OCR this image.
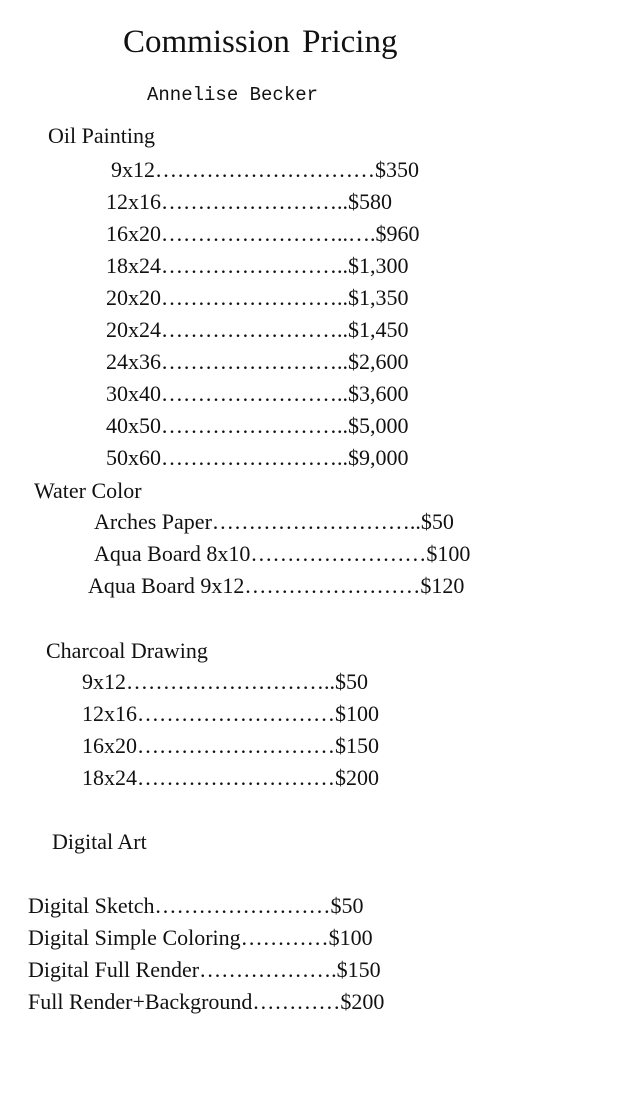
Commission Pricing
Annelise Becker
Oil Painting
9x12…………………………$350
12x16……………………..$580
16x20……………………..….$960
18x24……………………..$1,300
20x20……………………..$1,350
20x24……………………..$1,450
24x36……………………..$2,600
30x40……………………..$3,600
40x50……………………..$5,000
50x60……………………..$9,000
Water Color
Arches Paper………………………..$50
Aqua Board 8x10……………………$100
Aqua Board 9x12……………………$120
Charcoal Drawing
9x12………………………..$50
12x16………………………$100
16x20………………………$150
18x24………………………$200
Digital Art
Digital Sketch……………………$50
Digital Simple Coloring…………$100
Digital Full Render……………….$150
Full Render+Background…………$200
